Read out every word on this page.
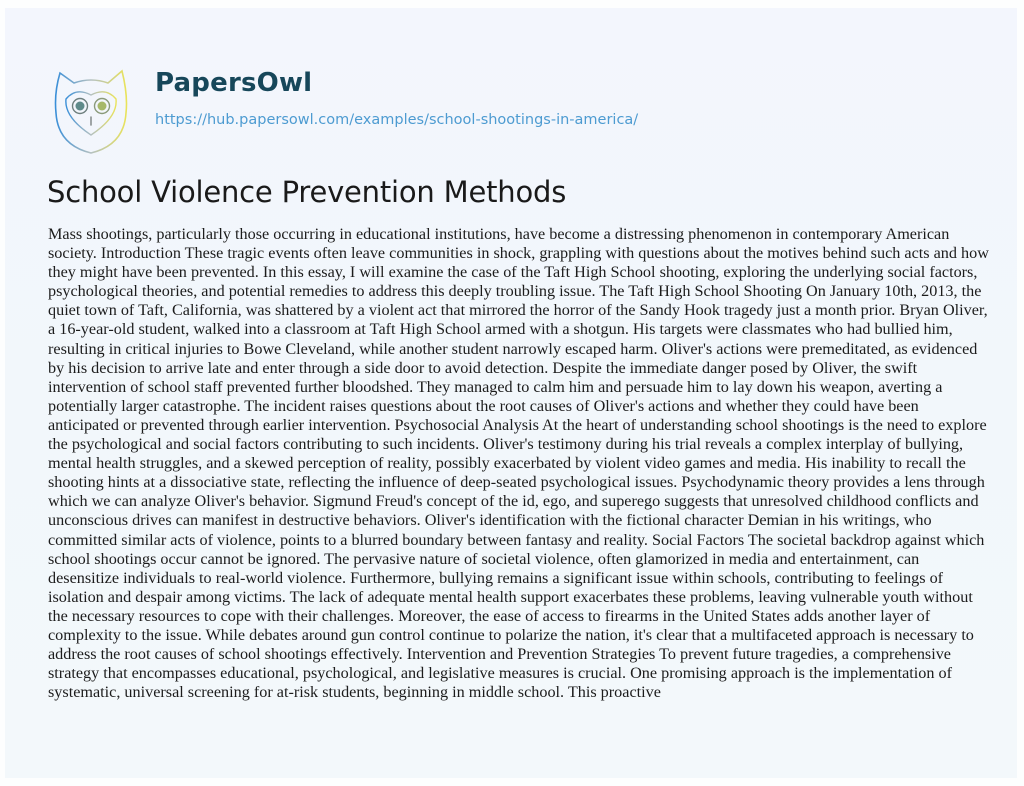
PapersOwl
https://hub.papersowl.com/examples/school-shootings-in-america/
School Violence Prevention Methods

Mass shootings, particularly those occurring in educational institutions, have become a distressing phenomenon in contemporary American society. Introduction These tragic events often leave communities in shock, grappling with questions about the motives behind such acts and how they might have been prevented. In this essay, I will examine the case of the Taft High School shooting, exploring the underlying social factors, psychological theories, and potential remedies to address this deeply troubling issue. The Taft High School Shooting On January 10th, 2013, the quiet town of Taft, California, was shattered by a violent act that mirrored the horror of the Sandy Hook tragedy just a month prior. Bryan Oliver, a 16-year-old student, walked into a classroom at Taft High School armed with a shotgun. His targets were classmates who had bullied him, resulting in critical injuries to Bowe Cleveland, while another student narrowly escaped harm. Oliver's actions were premeditated, as evidenced by his decision to arrive late and enter through a side door to avoid detection. Despite the immediate danger posed by Oliver, the swift intervention of school staff prevented further bloodshed. They managed to calm him and persuade him to lay down his weapon, averting a potentially larger catastrophe. The incident raises questions about the root causes of Oliver's actions and whether they could have been anticipated or prevented through earlier intervention. Psychosocial Analysis At the heart of understanding school shootings is the need to explore the psychological and social factors contributing to such incidents. Oliver's testimony during his trial reveals a complex interplay of bullying, mental health struggles, and a skewed perception of reality, possibly exacerbated by violent video games and media. His inability to recall the shooting hints at a dissociative state, reflecting the influence of deep-seated psychological issues. Psychodynamic theory provides a lens through which we can analyze Oliver's behavior. Sigmund Freud's concept of the id, ego, and superego suggests that unresolved childhood conflicts and unconscious drives can manifest in destructive behaviors. Oliver's identification with the fictional character Demian in his writings, who committed similar acts of violence, points to a blurred boundary between fantasy and reality. Social Factors The societal backdrop against which school shootings occur cannot be ignored. The pervasive nature of societal violence, often glamorized in media and entertainment, can desensitize individuals to real-world violence. Furthermore, bullying remains a significant issue within schools, contributing to feelings of isolation and despair among victims. The lack of adequate mental health support exacerbates these problems, leaving vulnerable youth without the necessary resources to cope with their challenges. Moreover, the ease of access to firearms in the United States adds another layer of complexity to the issue. While debates around gun control continue to polarize the nation, it's clear that a multifaceted approach is necessary to address the root causes of school shootings effectively. Intervention and Prevention Strategies To prevent future tragedies, a comprehensive strategy that encompasses educational, psychological, and legislative measures is crucial. One promising approach is the implementation of systematic, universal screening for at-risk students, beginning in middle school. This proactive
